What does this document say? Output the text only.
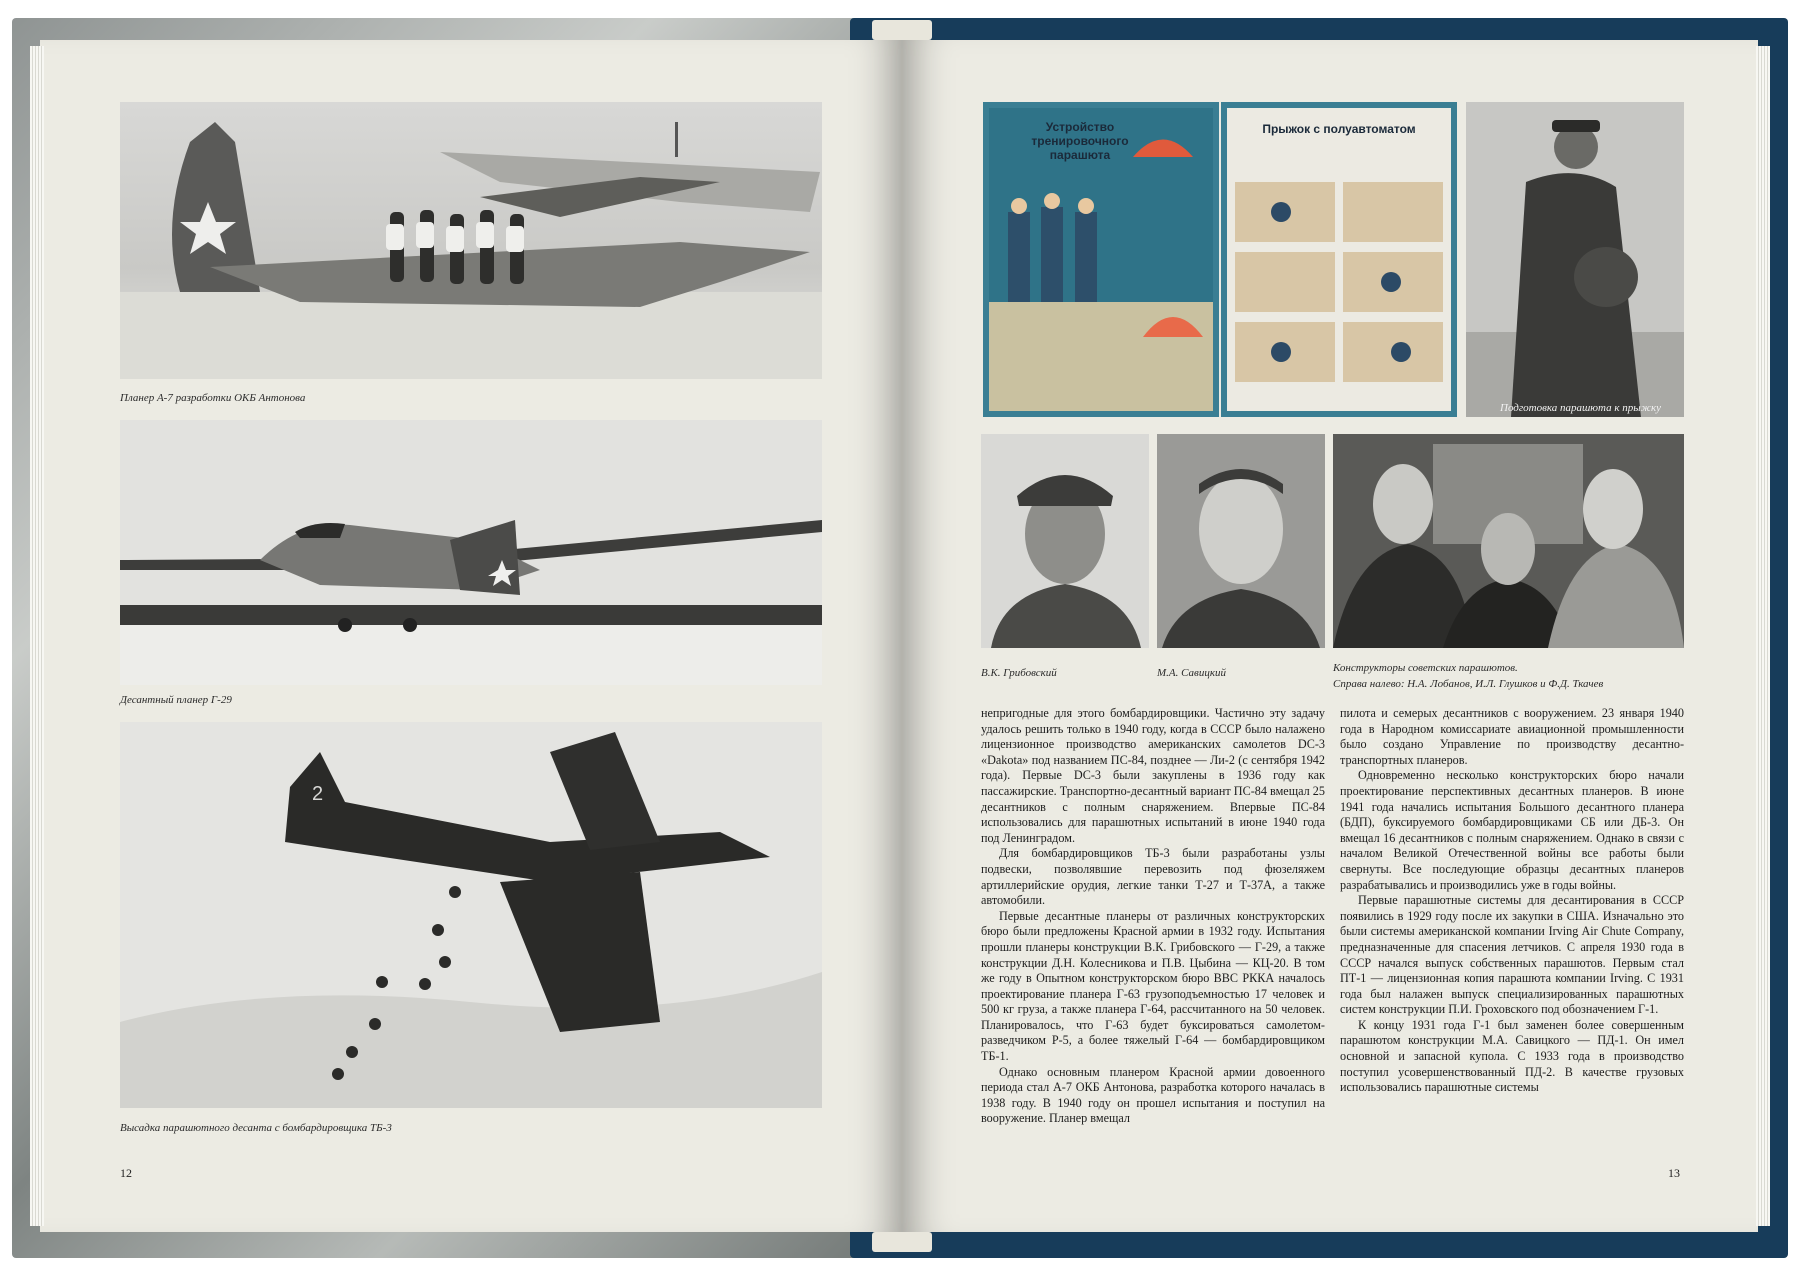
Планер А-7 разработки ОКБ Антонова
Десантный планер Г-29
2
Высадка парашютного десанта с бомбардировщика ТБ-3
12
Устройство тренировочного парашюта
Прыжок с полуавтоматом
Подготовка парашюта к прыжку
В.К. Грибовский	М.А. Савицкий	Конструкторы советских парашютов.
Справа налево: Н.А. Лобанов, И.Л. Глушков и Ф.Д. Ткачев

непригодные для этого бомбардировщики. Частично эту задачу удалось решить только в 1940 году, когда в СССР было налажено лицензионное производство американских самолетов DC-3 «Dakota» под названием ПС-84, позднее — Ли-2 (с сентября 1942 года). Первые DC-3 были закуплены в 1936 году как пассажирские. Транспортно-десантный вариант ПС-84 вмещал 25 десантников с полным снаряжением. Впервые ПС-84 использовались для парашютных испытаний в июне 1940 года под Ленинградом.

Для бомбардировщиков ТБ-3 были разработаны узлы подвески, позволявшие перевозить под фюзеляжем артиллерийские орудия, легкие танки Т-27 и Т-37А, а также автомобили.

Первые десантные планеры от различных конструкторских бюро были предложены Красной армии в 1932 году. Испытания прошли планеры конструкции В.К. Грибовского — Г-29, а также конструкции Д.Н. Колесникова и П.В. Цыбина — КЦ-20. В том же году в Опытном конструкторском бюро ВВС РККА началось проектирование планера Г-63 грузоподъемностью 17 человек и 500 кг груза, а также планера Г-64, рассчитанного на 50 человек. Планировалось, что Г-63 будет буксироваться самолетом-разведчиком Р-5, а более тяжелый Г-64 — бомбардировщиком ТБ-1.

Однако основным планером Красной армии довоенного периода стал А-7 ОКБ Антонова, разработка которого началась в 1938 году. В 1940 году он прошел испытания и поступил на вооружение. Планер вмещал

пилота и семерых десантников с вооружением. 23 января 1940 года в Народном комиссариате авиационной промышленности было создано Управление по производству десантно-транспортных планеров.

Одновременно несколько конструкторских бюро начали проектирование перспективных десантных планеров. В июне 1941 года начались испытания Большого десантного планера (БДП), буксируемого бомбардировщиками СБ или ДБ-3. Он вмещал 16 десантников с полным снаряжением. Однако в связи с началом Великой Отечественной войны все работы были свернуты. Все последующие образцы десантных планеров разрабатывались и производились уже в годы войны.

Первые парашютные системы для десантирования в СССР появились в 1929 году после их закупки в США. Изначально это были системы американской компании Irving Air Chute Company, предназначенные для спасения летчиков. С апреля 1930 года в СССР начался выпуск собственных парашютов. Первым стал ПТ-1 — лицензионная копия парашюта компании Irving. С 1931 года был налажен выпуск специализированных парашютных систем конструкции П.И. Гроховского под обозначением Г-1.

К концу 1931 года Г-1 был заменен более совершенным парашютом конструкции М.А. Савицкого — ПД-1. Он имел основной и запасной купола. С 1933 года в производство поступил усовершенствованный ПД-2. В качестве грузовых использовались парашютные системы

13
